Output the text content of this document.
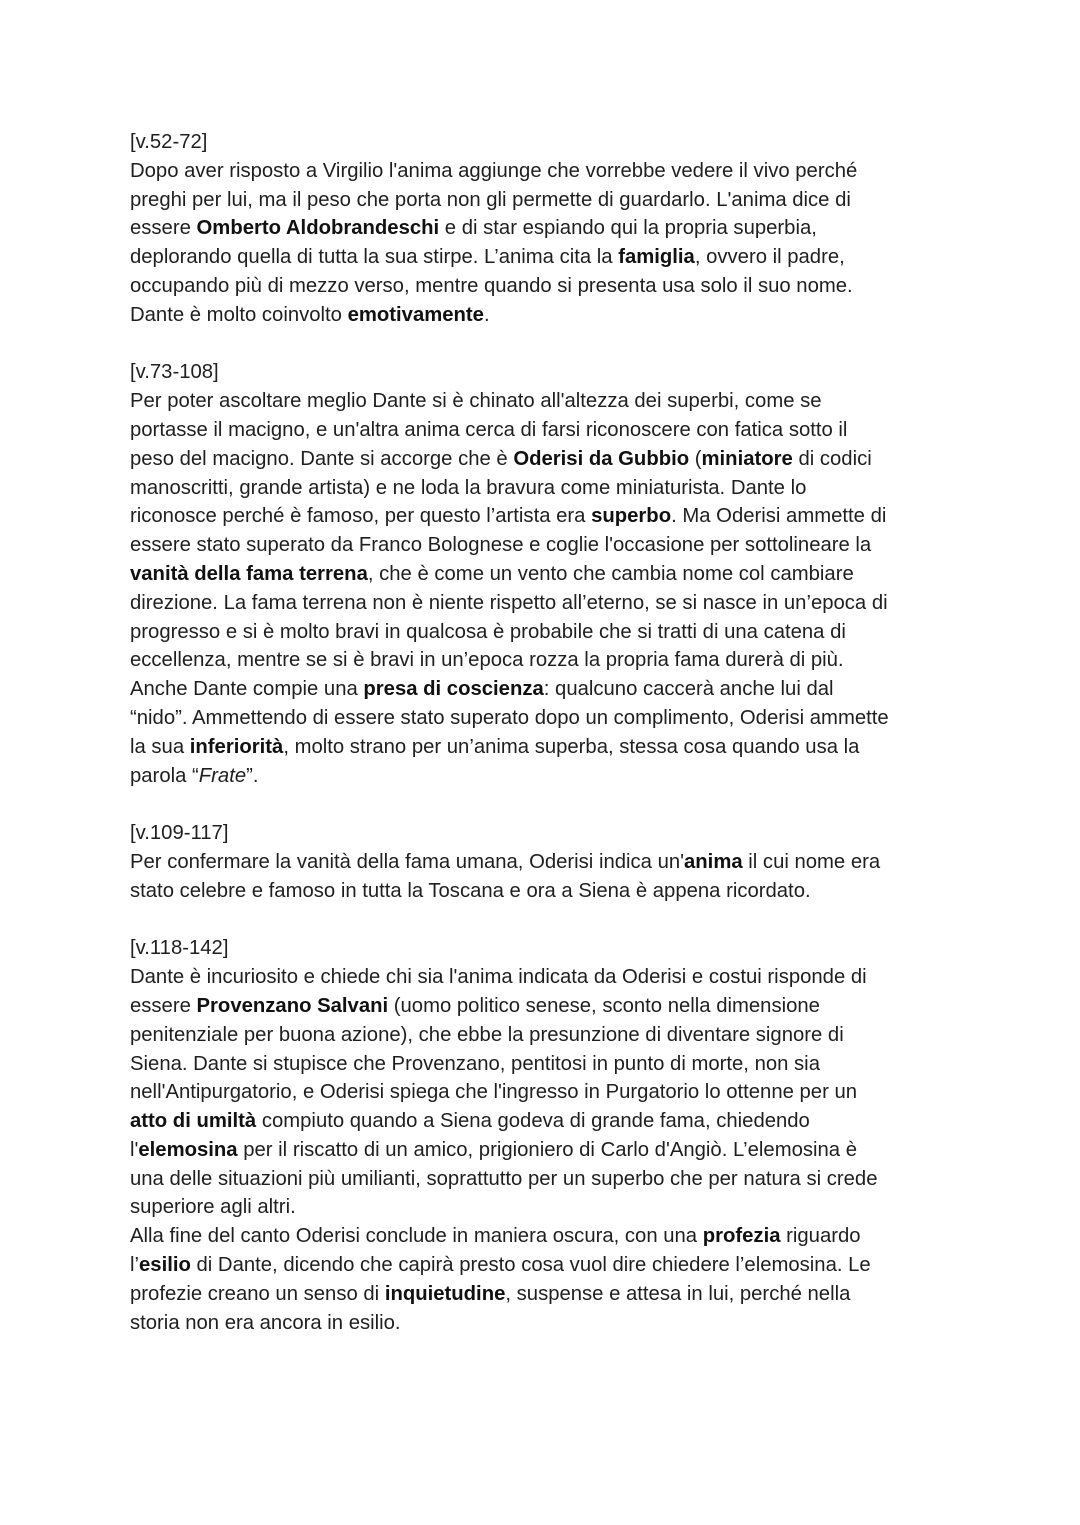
[v.52-72]

Dopo aver risposto a Virgilio l'anima aggiunge che vorrebbe vedere il vivo perché
preghi per lui, ma il peso che porta non gli permette di guardarlo. L'anima dice di
essere Omberto Aldobrandeschi e di star espiando qui la propria superbia,
deplorando quella di tutta la sua stirpe. L’anima cita la famiglia, ovvero il padre,
occupando più di mezzo verso, mentre quando si presenta usa solo il suo nome.
Dante è molto coinvolto emotivamente.

[v.73-108]

Per poter ascoltare meglio Dante si è chinato all'altezza dei superbi, come se
portasse il macigno, e un'altra anima cerca di farsi riconoscere con fatica sotto il
peso del macigno. Dante si accorge che è Oderisi da Gubbio (miniatore di codici
manoscritti, grande artista) e ne loda la bravura come miniaturista. Dante lo
riconosce perché è famoso, per questo l’artista era superbo. Ma Oderisi ammette di
essere stato superato da Franco Bolognese e coglie l'occasione per sottolineare la
vanità della fama terrena, che è come un vento che cambia nome col cambiare
direzione. La fama terrena non è niente rispetto all’eterno, se si nasce in un’epoca di
progresso e si è molto bravi in qualcosa è probabile che si tratti di una catena di
eccellenza, mentre se si è bravi in un’epoca rozza la propria fama durerà di più.
Anche Dante compie una presa di coscienza: qualcuno caccerà anche lui dal
“nido”. Ammettendo di essere stato superato dopo un complimento, Oderisi ammette
la sua inferiorità, molto strano per un’anima superba, stessa cosa quando usa la
parola “Frate”.

[v.109-117]

Per confermare la vanità della fama umana, Oderisi indica un'anima il cui nome era
stato celebre e famoso in tutta la Toscana e ora a Siena è appena ricordato.

[v.118-142]

Dante è incuriosito e chiede chi sia l'anima indicata da Oderisi e costui risponde di
essere Provenzano Salvani (uomo politico senese, sconto nella dimensione
penitenziale per buona azione), che ebbe la presunzione di diventare signore di
Siena. Dante si stupisce che Provenzano, pentitosi in punto di morte, non sia
nell'Antipurgatorio, e Oderisi spiega che l'ingresso in Purgatorio lo ottenne per un
atto di umiltà compiuto quando a Siena godeva di grande fama, chiedendo
l'elemosina per il riscatto di un amico, prigioniero di Carlo d'Angiò. L’elemosina è
una delle situazioni più umilianti, soprattutto per un superbo che per natura si crede
superiore agli altri.

Alla fine del canto Oderisi conclude in maniera oscura, con una profezia riguardo
l’esilio di Dante, dicendo che capirà presto cosa vuol dire chiedere l’elemosina. Le
profezie creano un senso di inquietudine, suspense e attesa in lui, perché nella
storia non era ancora in esilio.
